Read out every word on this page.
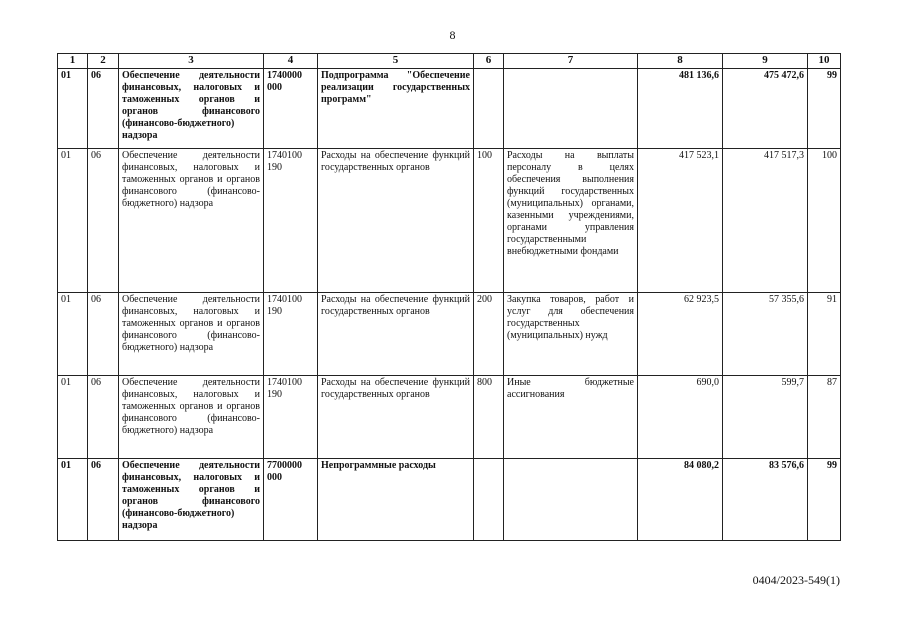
8
1	2	3	4	5	6	7	8	9	10
01	06	Обеспечение деятельности финансовых, налоговых и таможенных органов и органов финансового (финансово-бюджетного) надзора	1740000 000	Подпрограмма "Обеспечение реализации государственных программ"			481 136,6	475 472,6	99
01	06	Обеспечение деятельности финансовых, налоговых и таможенных органов и органов финансового (финансово-бюджетного) надзора	1740100 190	Расходы на обеспечение функций государственных органов	100	Расходы на выплаты персоналу в целях обеспечения выполнения функций государственных (муниципальных) органами, казенными учреждениями, органами управления государственными внебюджетными фондами	417 523,1	417 517,3	100
01	06	Обеспечение деятельности финансовых, налоговых и таможенных органов и органов финансового (финансово-бюджетного) надзора	1740100 190	Расходы на обеспечение функций государственных органов	200	Закупка товаров, работ и услуг для обеспечения государственных (муниципальных) нужд	62 923,5	57 355,6	91
01	06	Обеспечение деятельности финансовых, налоговых и таможенных органов и органов финансового (финансово-бюджетного) надзора	1740100 190	Расходы на обеспечение функций государственных органов	800	Иные бюджетные ассигнования	690,0	599,7	87
01	06	Обеспечение деятельности финансовых, налоговых и таможенных органов и органов финансового (финансово-бюджетного) надзора	7700000 000	Непрограммные расходы			84 080,2	83 576,6	99
0404/2023-549(1)
